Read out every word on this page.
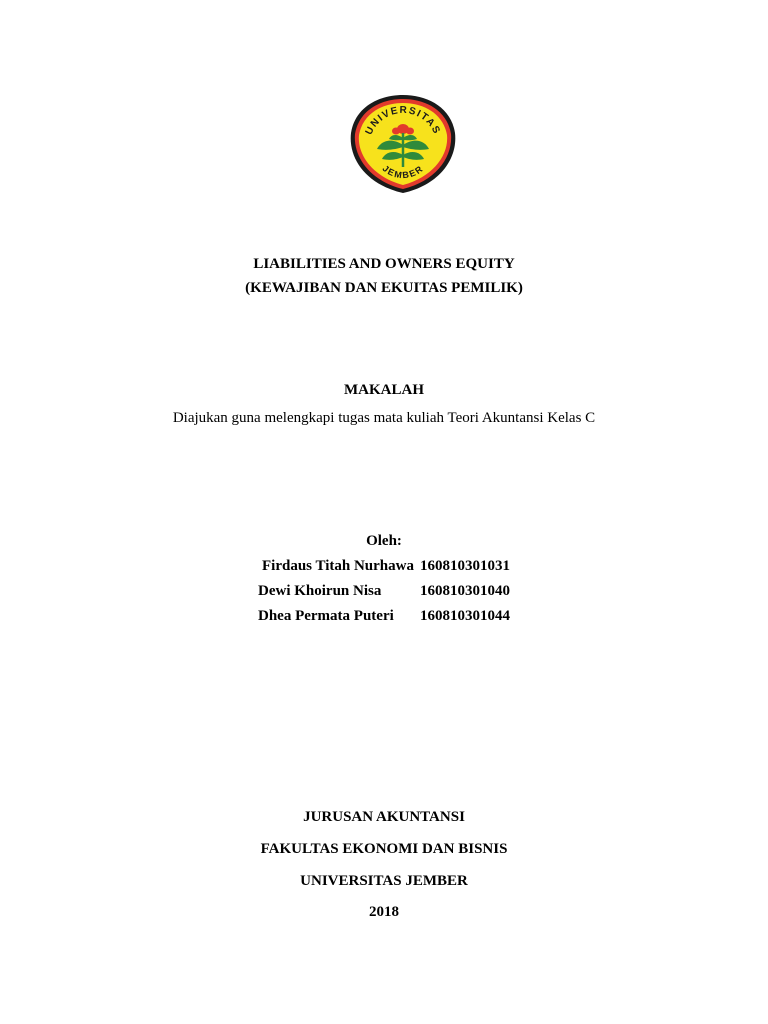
UNIVERSITAS
JEMBER
LIABILITIES AND OWNERS EQUITY
(KEWAJIBAN DAN EKUITAS PEMILIK)
MAKALAH
Diajukan guna melengkapi tugas mata kuliah Teori Akuntansi Kelas C
Oleh:
Firdaus Titah Nurhawa 160810301031
Dewi Khoirun Nisa	160810301040
Dhea Permata Puteri 160810301044
JURUSAN AKUNTANSI
FAKULTAS EKONOMI DAN BISNIS
UNIVERSITAS JEMBER
2018
